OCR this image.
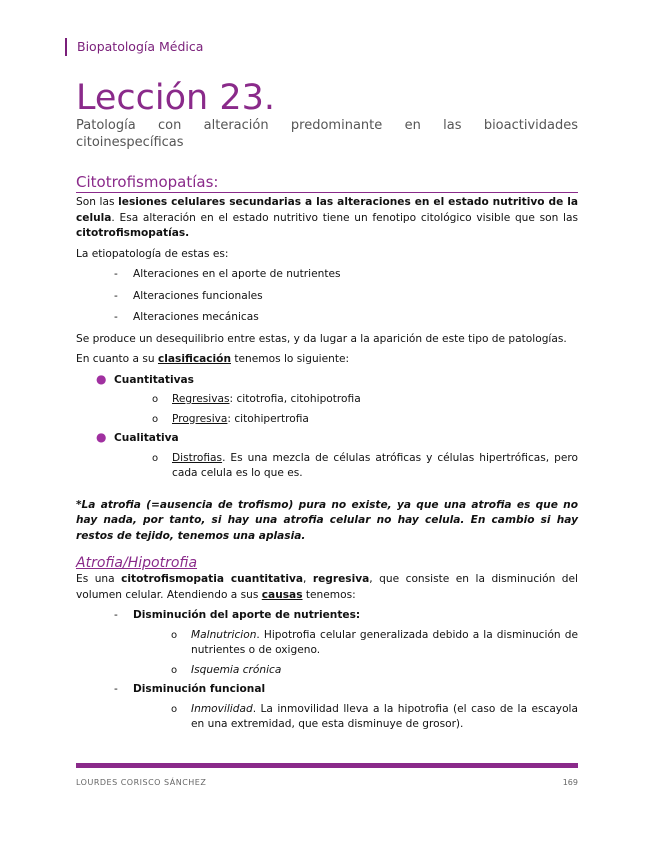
Biopatología Médica
Lección 23.
Patología con alteración predominante en las bioactividades
citoinespecíficas
Citotrofismopatías:

Son las lesiones celulares secundarias a las alteraciones en el estado nutritivo de la celula. Esa alteración en el estado nutritivo tiene un fenotipo citológico visible que son las citotrofismopatías.

La etiopatología de estas es:

- Alteraciones en el aporte de nutrientes
- Alteraciones funcionales
- Alteraciones mecánicas

Se produce un desequilibrio entre estas, y da lugar a la aparición de este tipo de patologías.

En cuanto a su clasificación tenemos lo siguiente:

● Cuantitativas
o Regresivas: citotrofia, citohipotrofia
o Progresiva: citohipertrofia
● Cualitativa
o Distrofias. Es una mezcla de células atróficas y células hipertróficas, pero cada celula es lo que es.

*La atrofia (=ausencia de trofismo) pura no existe, ya que una atrofia es que no hay nada, por tanto, si hay una atrofia celular no hay celula. En cambio si hay restos de tejido, tenemos una aplasia.

Atrofia/Hipotrofia

Es una citotrofismopatia cuantitativa, regresiva, que consiste en la disminución del volumen celular. Atendiendo a sus causas tenemos:

- Disminución del aporte de nutrientes:
o Malnutricion. Hipotrofia celular generalizada debido a la disminución de nutrientes o de oxigeno.
o Isquemia crónica
- Disminución funcional
o Inmovilidad. La inmovilidad lleva a la hipotrofia (el caso de la escayola en una extremidad, que esta disminuye de grosor).
LOURDES CORISCO SÁNCHEZ	169
